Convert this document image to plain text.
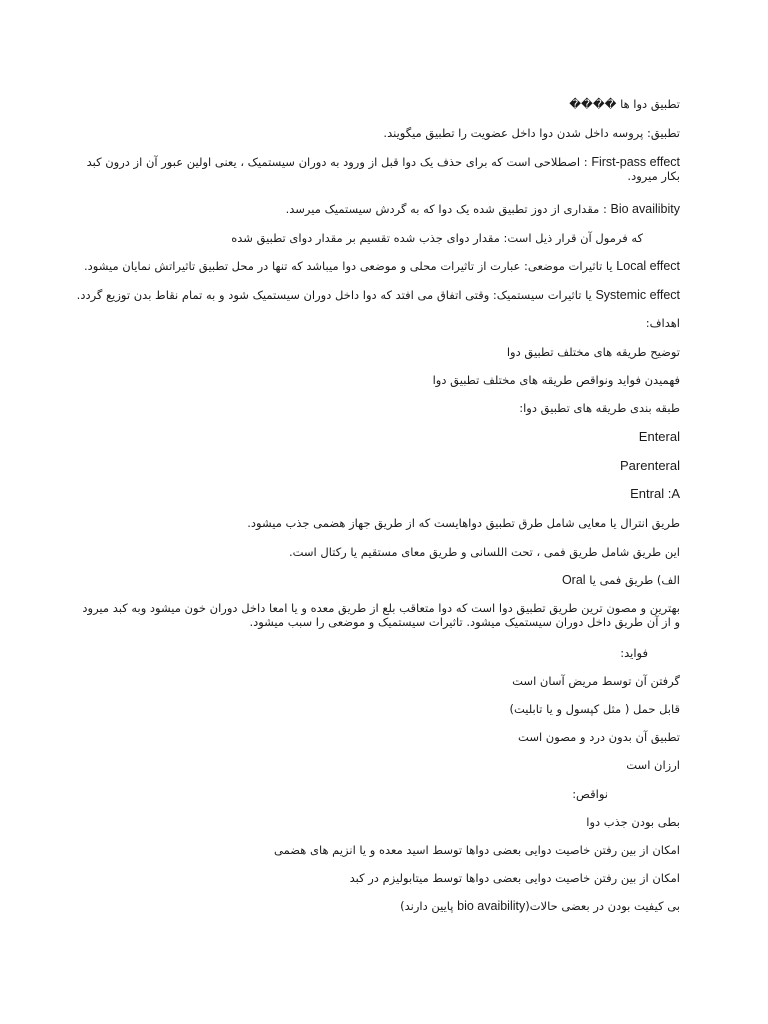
تطبیق دوا ها ����
تطبیق: پروسه داخل شدن دوا داخل عضویت را تطبیق میگویند.
First-pass effect : اصطلاحی است که برای حذف یک دوا قبل از ورود به دوران سیستمیک ، یعنی اولین عبور آن از درون کبد بکار میرود.
Bio availibity : مقداری از دوز تطبیق شده یک دوا که به گردش سیستمیک میرسد.
که فرمول آن قرار ذیل است: مقدار دوای جذب شده تقسیم بر مقدار دوای تطبیق شده
Local effect یا تاثیرات موضعی: عبارت از تاثیرات محلی و موضعی دوا میباشد که تنها در محل تطبیق تاثیراتش نمایان میشود.
Systemic effect یا تاثیرات سیستمیک: وقتی اتفاق می افتد که دوا داخل دوران سیستمیک شود و به تمام نقاط بدن توزیع گردد.
اهداف:
توضیح طریقه های مختلف تطبیق دوا
فهمیدن فواید ونواقص طریقه های مختلف تطبیق دوا
طبقه بندی طریقه های تطبیق دوا:
Enteral
Parenteral
Entral :A
طریق انترال یا معایی شامل طرق تطبیق دواهایست که از طریق جهاز هضمی جذب میشود.
این طریق شامل طریق فمی ، تحت اللسانی و طریق معای مستقیم یا رکتال است.
الف) طریق فمی یا Oral
بهترین و مصون ترین طریق تطبیق دوا است که دوا متعاقب بلع از طریق معده و یا امعا داخل دوران خون میشود وبه کبد میرود و از آن طریق داخل دوران سیستمیک میشود. تاثیرات سیستمیک و موضعی را سبب میشود.
فواید:
گرفتن آن توسط مریض آسان است
قابل حمل ( مثل کپسول و یا تابلیت)
تطبیق آن بدون درد و مصون است
ارزان است
نواقص:
بطی بودن جذب دوا
امکان از بین رفتن خاصیت دوایی بعضی دواها توسط اسید معده و یا انزیم های هضمی
امکان از بین رفتن خاصیت دوایی بعضی دواها توسط میتابولیزم در کبد
بی کیفیت بودن در بعضی حالات(bio avaibility پایین دارند)
